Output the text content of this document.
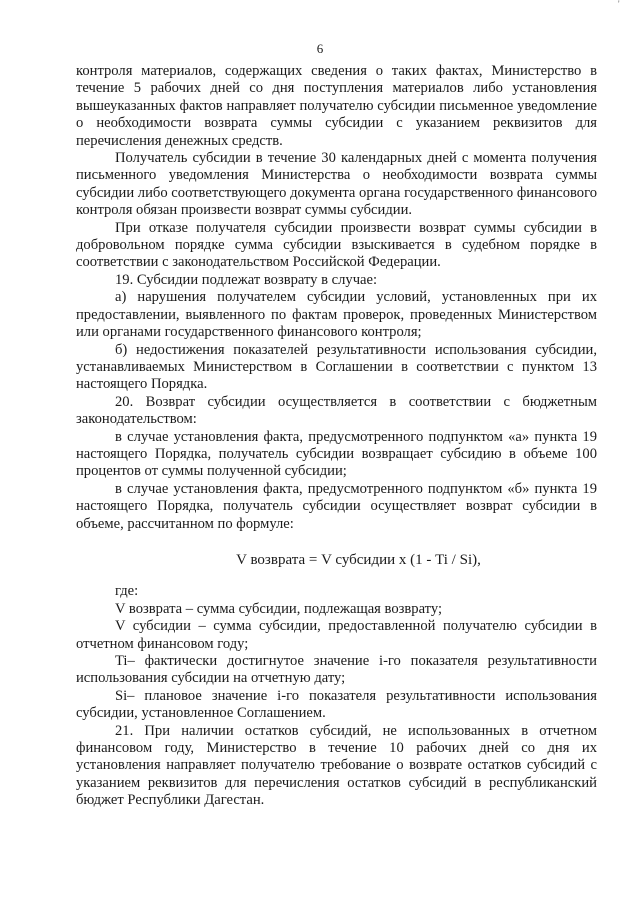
'
6

контроля материалов, содержащих сведения о таких фактах, Министерство в течение 5 рабочих дней со дня поступления материалов либо установления вышеуказанных фактов направляет получателю субсидии письменное уведомление о необходимости возврата суммы субсидии с указанием реквизитов для перечисления денежных средств.

Получатель субсидии в течение 30 календарных дней с момента получения письменного уведомления Министерства о необходимости возврата суммы субсидии либо соответствующего документа органа государственного финансового контроля обязан произвести возврат суммы субсидии.

При отказе получателя субсидии произвести возврат суммы субсидии в добровольном порядке сумма субсидии взыскивается в судебном порядке в соответствии с законодательством Российской Федерации.

19. Субсидии подлежат возврату в случае:

а) нарушения получателем субсидии условий, установленных при их предоставлении, выявленного по фактам проверок, проведенных Министерством или органами государственного финансового контроля;

б) недостижения показателей результативности использования субсидии, устанавливаемых Министерством в Соглашении в соответствии с пунктом 13 настоящего Порядка.

20. Возврат субсидии осуществляется в соответствии с бюджетным законодательством:

в случае установления факта, предусмотренного подпунктом «а» пункта 19 настоящего Порядка, получатель субсидии возвращает субсидию в объеме 100 процентов от суммы полученной субсидии;

в случае установления факта, предусмотренного подпунктом «б» пункта 19 настоящего Порядка, получатель субсидии осуществляет возврат субсидии в объеме, рассчитанном по формуле:

V возврата = V субсидии х (1 - Ti / Si),

где:

V возврата – сумма субсидии, подлежащая возврату;

V субсидии – сумма субсидии, предоставленной получателю субсидии в отчетном финансовом году;

Ti– фактически достигнутое значение i-го показателя результативности использования субсидии на отчетную дату;

Si– плановое значение i-го показателя результативности использования субсидии, установленное Соглашением.

21. При наличии остатков субсидий, не использованных в отчетном финансовом году, Министерство в течение 10 рабочих дней со дня их установления направляет получателю требование о возврате остатков субсидий с указанием реквизитов для перечисления остатков субсидий в республиканский бюджет Республики Дагестан.
